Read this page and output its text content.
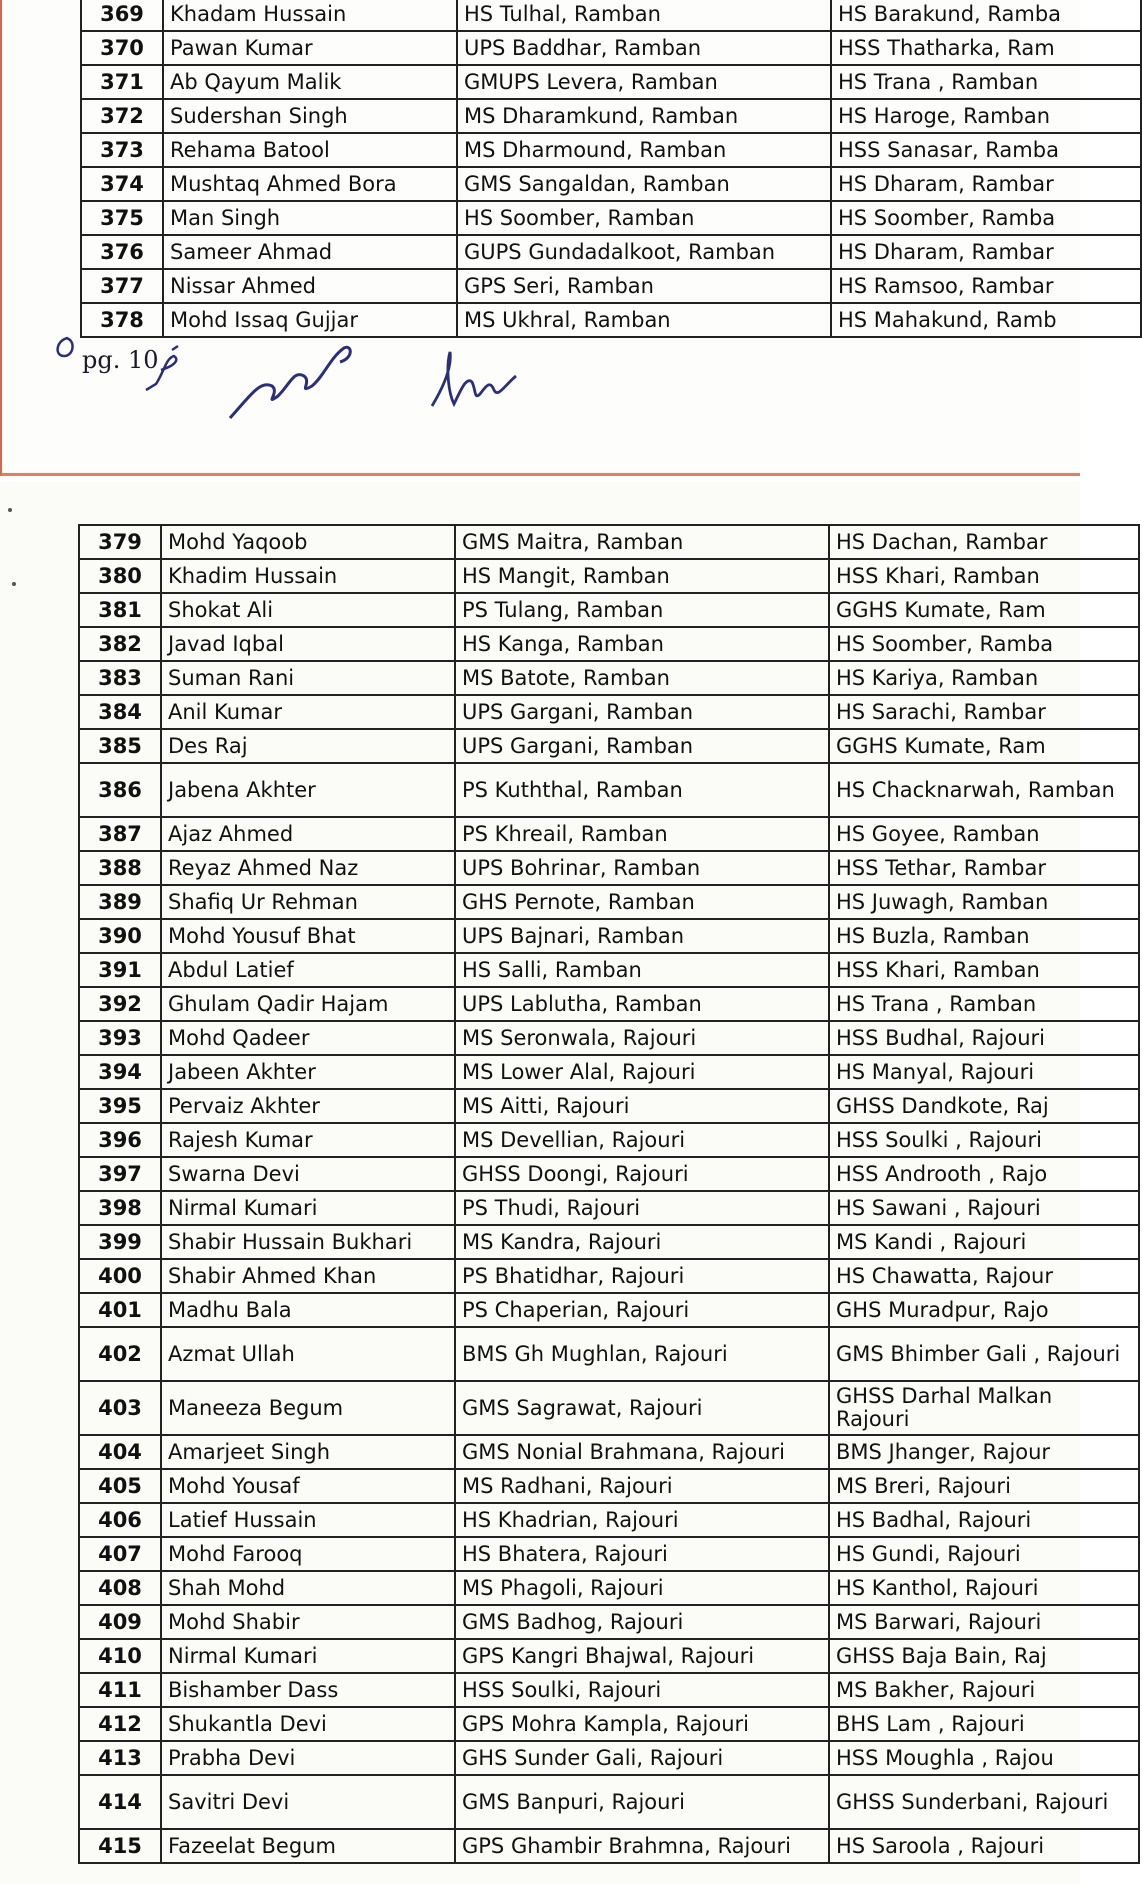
369	Khadam Hussain	HS Tulhal, Ramban	HS Barakund, Ramba
370	Pawan Kumar	UPS Baddhar, Ramban	HSS Thatharka, Ram
371	Ab Qayum Malik	GMUPS Levera, Ramban	HS Trana , Ramban
372	Sudershan Singh	MS Dharamkund, Ramban	HS Haroge, Ramban
373	Rehama Batool	MS Dharmound, Ramban	HSS Sanasar, Ramba
374	Mushtaq Ahmed Bora	GMS Sangaldan, Ramban	HS Dharam, Rambar
375	Man Singh	HS Soomber, Ramban	HS Soomber, Ramba
376	Sameer Ahmad	GUPS Gundadalkoot, Ramban	HS Dharam, Rambar
377	Nissar Ahmed	GPS Seri, Ramban	HS Ramsoo, Rambar
378	Mohd Issaq Gujjar	MS Ukhral, Ramban	HS Mahakund, Ramb
pg. 10
379	Mohd Yaqoob	GMS Maitra, Ramban	HS Dachan, Rambar
380	Khadim Hussain	HS Mangit, Ramban	HSS Khari, Ramban
381	Shokat Ali	PS Tulang, Ramban	GGHS Kumate, Ram
382	Javad Iqbal	HS Kanga, Ramban	HS Soomber, Ramba
383	Suman Rani	MS Batote, Ramban	HS Kariya, Ramban
384	Anil Kumar	UPS Gargani, Ramban	HS Sarachi, Rambar
385	Des Raj	UPS Gargani, Ramban	GGHS Kumate, Ram
386	Jabena Akhter	PS Kuththal, Ramban	HS Chacknarwah, Ramban
387	Ajaz Ahmed	PS Khreail, Ramban	HS Goyee, Ramban
388	Reyaz Ahmed Naz	UPS Bohrinar, Ramban	HSS Tethar, Rambar
389	Shafiq Ur Rehman	GHS Pernote, Ramban	HS Juwagh, Ramban
390	Mohd Yousuf Bhat	UPS Bajnari, Ramban	HS Buzla, Ramban
391	Abdul Latief	HS Salli, Ramban	HSS Khari, Ramban
392	Ghulam Qadir Hajam	UPS Lablutha, Ramban	HS Trana , Ramban
393	Mohd Qadeer	MS Seronwala, Rajouri	HSS Budhal, Rajouri
394	Jabeen Akhter	MS Lower Alal, Rajouri	HS Manyal, Rajouri
395	Pervaiz Akhter	MS Aitti, Rajouri	GHSS Dandkote, Raj
396	Rajesh Kumar	MS Devellian, Rajouri	HSS Soulki , Rajouri
397	Swarna Devi	GHSS Doongi, Rajouri	HSS Androoth , Rajo
398	Nirmal Kumari	PS Thudi, Rajouri	HS Sawani , Rajouri
399	Shabir Hussain Bukhari	MS Kandra, Rajouri	MS Kandi , Rajouri
400	Shabir Ahmed Khan	PS Bhatidhar, Rajouri	HS Chawatta, Rajour
401	Madhu Bala	PS Chaperian, Rajouri	GHS Muradpur, Rajo
402	Azmat Ullah	BMS Gh Mughlan, Rajouri	GMS Bhimber Gali , Rajouri
403	Maneeza Begum	GMS Sagrawat, Rajouri	GHSS Darhal Malkan Rajouri
404	Amarjeet Singh	GMS Nonial Brahmana, Rajouri	BMS Jhanger, Rajour
405	Mohd Yousaf	MS Radhani, Rajouri	MS Breri, Rajouri
406	Latief Hussain	HS Khadrian, Rajouri	HS Badhal, Rajouri
407	Mohd Farooq	HS Bhatera, Rajouri	HS Gundi, Rajouri
408	Shah Mohd	MS Phagoli, Rajouri	HS Kanthol, Rajouri
409	Mohd Shabir	GMS Badhog, Rajouri	MS Barwari, Rajouri
410	Nirmal Kumari	GPS Kangri Bhajwal, Rajouri	GHSS Baja Bain, Raj
411	Bishamber Dass	HSS Soulki, Rajouri	MS Bakher, Rajouri
412	Shukantla Devi	GPS Mohra Kampla, Rajouri	BHS Lam , Rajouri
413	Prabha Devi	GHS Sunder Gali, Rajouri	HSS Moughla , Rajou
414	Savitri Devi	GMS Banpuri, Rajouri	GHSS Sunderbani, Rajouri
415	Fazeelat Begum	GPS Ghambir Brahmna, Rajouri	HS Saroola , Rajouri
